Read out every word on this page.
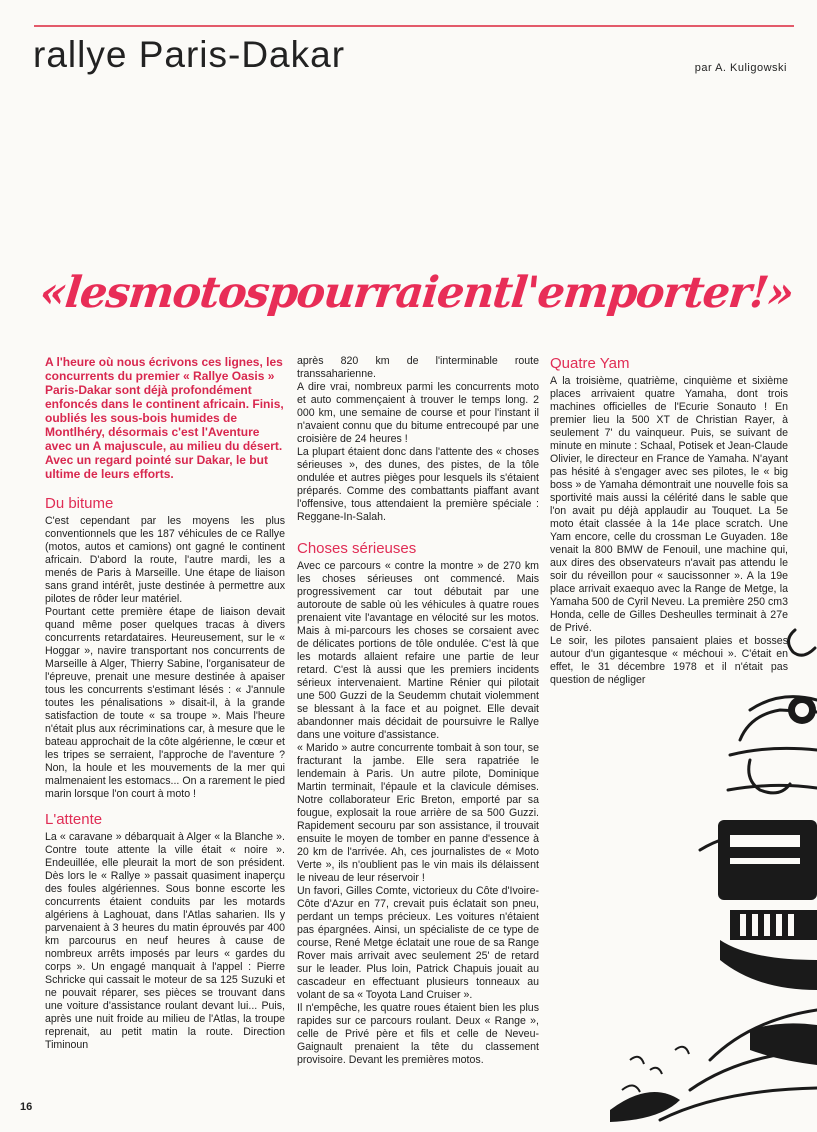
rallye Paris-Dakar	par A. Kuligowski
«lesmotospourraientl'emporter!»
A l'heure où nous écrivons ces lignes, les concurrents du premier « Rallye Oasis » Paris-Dakar sont déjà profondément enfoncés dans le continent africain. Finis, oubliés les sous-bois humides de Montlhéry, désormais c'est l'Aventure avec un A majuscule, au milieu du désert. Avec un regard pointé sur Dakar, le but ultime de leurs efforts.
Du bitume

C'est cependant par les moyens les plus conventionnels que les 187 véhicules de ce Rallye (motos, autos et camions) ont gagné le continent africain. D'abord la route, l'autre mardi, les a menés de Paris à Marseille. Une étape de liaison sans grand intérêt, juste destinée à permettre aux pilotes de rôder leur matériel.

Pourtant cette première étape de liaison devait quand même poser quelques tracas à divers concurrents retardataires. Heureusement, sur le « Hoggar », navire transportant nos concurrents de Marseille à Alger, Thierry Sabine, l'organisateur de l'épreuve, prenait une mesure destinée à apaiser tous les concurrents s'estimant lésés : « J'annule toutes les pénalisations » disait-il, à la grande satisfaction de toute « sa troupe ». Mais l'heure n'était plus aux récriminations car, à mesure que le bateau approchait de la côte algérienne, le cœur et les tripes se serraient, l'approche de l'aventure ? Non, la houle et les mouvements de la mer qui malmenaient les estomacs... On a rarement le pied marin lorsque l'on court à moto !

L'attente

La « caravane » débarquait à Alger « la Blanche ». Contre toute attente la ville était « noire ». Endeuillée, elle pleurait la mort de son président. Dès lors le « Rallye » passait quasiment inaperçu des foules algériennes. Sous bonne escorte les concurrents étaient conduits par les motards algériens à Laghouat, dans l'Atlas saharien. Ils y parvenaient à 3 heures du matin éprouvés par 400 km parcourus en neuf heures à cause de nombreux arrêts imposés par leurs « gardes du corps ». Un engagé manquait à l'appel : Pierre Schricke qui cassait le moteur de sa 125 Suzuki et ne pouvait réparer, ses pièces se trouvant dans une voiture d'assistance roulant devant lui... Puis, après une nuit froide au milieu de l'Atlas, la troupe reprenait, au petit matin la route. Direction Timinoun

après 820 km de l'interminable route transsaharienne.

A dire vrai, nombreux parmi les concurrents moto et auto commençaient à trouver le temps long. 2 000 km, une semaine de course et pour l'instant il n'avaient connu que du bitume entrecoupé par une croisière de 24 heures !

La plupart étaient donc dans l'attente des « choses sérieuses », des dunes, des pistes, de la tôle ondulée et autres pièges pour lesquels ils s'étaient préparés. Comme des combattants piaffant avant l'offensive, tous attendaient la première spéciale : Reggane-In-Salah.

Choses sérieuses

Avec ce parcours « contre la montre » de 270 km les choses sérieuses ont commencé. Mais progressivement car tout débutait par une autoroute de sable où les véhicules à quatre roues prenaient vite l'avantage en vélocité sur les motos. Mais à mi-parcours les choses se corsaient avec de délicates portions de tôle ondulée. C'est là que les motards allaient refaire une partie de leur retard. C'est là aussi que les premiers incidents sérieux intervenaient. Martine Rénier qui pilotait une 500 Guzzi de la Seudemm chutait violemment se blessant à la face et au poignet. Elle devait abandonner mais décidait de poursuivre le Rallye dans une voiture d'assistance.

« Marido » autre concurrente tombait à son tour, se fracturant la jambe. Elle sera rapatriée le lendemain à Paris. Un autre pilote, Dominique Martin terminait, l'épaule et la clavicule démises. Notre collaborateur Eric Breton, emporté par sa fougue, explosait la roue arrière de sa 500 Guzzi. Rapidement secouru par son assistance, il trouvait ensuite le moyen de tomber en panne d'essence à 20 km de l'arrivée. Ah, ces journalistes de « Moto Verte », ils n'oublient pas le vin mais ils délaissent le niveau de leur réservoir !

Un favori, Gilles Comte, victorieux du Côte d'Ivoire-Côte d'Azur en 77, crevait puis éclatait son pneu, perdant un temps précieux. Les voitures n'étaient pas épargnées. Ainsi, un spécialiste de ce type de course, René Metge éclatait une roue de sa Range Rover mais arrivait avec seulement 25' de retard sur le leader. Plus loin, Patrick Chapuis jouait au cascadeur en effectuant plusieurs tonneaux au volant de sa « Toyota Land Cruiser ».

Il n'empêche, les quatre roues étaient bien les plus rapides sur ce parcours roulant. Deux « Range », celle de Privé père et fils et celle de Neveu-Gaignault prenaient la tête du classement provisoire. Devant les premières motos.

Quatre Yam

A la troisième, quatrième, cinquième et sixième places arrivaient quatre Yamaha, dont trois machines officielles de l'Ecurie Sonauto ! En premier lieu la 500 XT de Christian Rayer, à seulement 7' du vainqueur. Puis, se suivant de minute en minute : Schaal, Potisek et Jean-Claude Olivier, le directeur en France de Yamaha. N'ayant pas hésité à s'engager avec ses pilotes, le « big boss » de Yamaha démontrait une nouvelle fois sa sportivité mais aussi la célérité dans le sable que l'on avait pu déjà applaudir au Touquet. La 5e moto était classée à la 14e place scratch. Une Yam encore, celle du crossman Le Guyaden. 18e venait la 800 BMW de Fenouil, une machine qui, aux dires des observateurs n'avait pas attendu le soir du réveillon pour « saucissonner ». A la 19e place arrivait exaequo avec la Range de Metge, la Yamaha 500 de Cyril Neveu. La première 250 cm3 Honda, celle de Gilles Desheulles terminait à 27e de Privé.

Le soir, les pilotes pansaient plaies et bosses autour d'un gigantesque « méchoui ». C'était en effet, le 31 décembre 1978 et il n'était pas question de négliger

16
